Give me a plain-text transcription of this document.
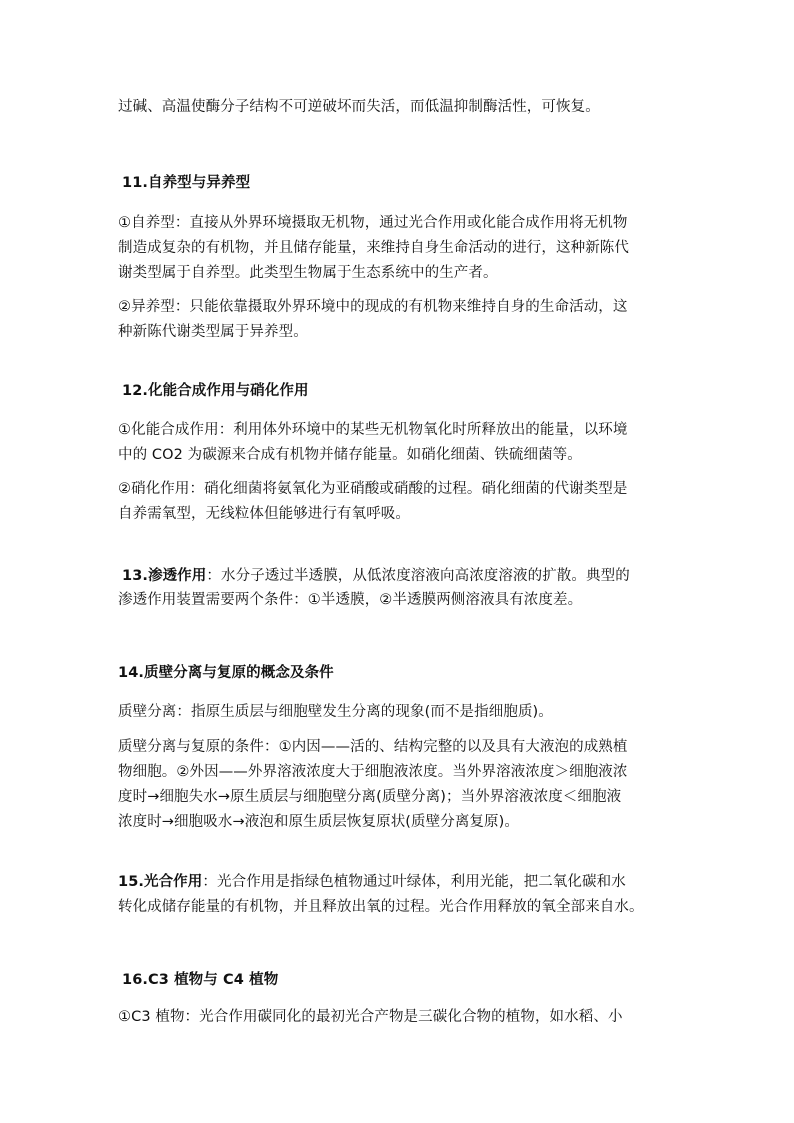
过碱、高温使酶分子结构不可逆破坏而失活，而低温抑制酶活性，可恢复。
11.自养型与异养型
①自养型：直接从外界环境摄取无机物，通过光合作用或化能合成作用将无机物
制造成复杂的有机物，并且储存能量，来维持自身生命活动的进行，这种新陈代
谢类型属于自养型。此类型生物属于生态系统中的生产者。
②异养型：只能依靠摄取外界环境中的现成的有机物来维持自身的生命活动，这
种新陈代谢类型属于异养型。
12.化能合成作用与硝化作用
①化能合成作用：利用体外环境中的某些无机物氧化时所释放出的能量，以环境
中的 CO2 为碳源来合成有机物并储存能量。如硝化细菌、铁硫细菌等。
②硝化作用：硝化细菌将氨氧化为亚硝酸或硝酸的过程。硝化细菌的代谢类型是
自养需氧型，无线粒体但能够进行有氧呼吸。
13.渗透作用：水分子透过半透膜，从低浓度溶液向高浓度溶液的扩散。典型的
渗透作用装置需要两个条件：①半透膜，②半透膜两侧溶液具有浓度差。
14.质壁分离与复原的概念及条件
质壁分离：指原生质层与细胞壁发生分离的现象(而不是指细胞质)。
质壁分离与复原的条件：①内因——活的、结构完整的以及具有大液泡的成熟植
物细胞。②外因——外界溶液浓度大于细胞液浓度。当外界溶液浓度＞细胞液浓
度时→细胞失水→原生质层与细胞壁分离(质壁分离)；当外界溶液浓度＜细胞液
浓度时→细胞吸水→液泡和原生质层恢复原状(质壁分离复原)。
15.光合作用：光合作用是指绿色植物通过叶绿体，利用光能，把二氧化碳和水
转化成储存能量的有机物，并且释放出氧的过程。光合作用释放的氧全部来自水。
16.C3 植物与 C4 植物
①C3 植物：光合作用碳同化的最初光合产物是三碳化合物的植物，如水稻、小
